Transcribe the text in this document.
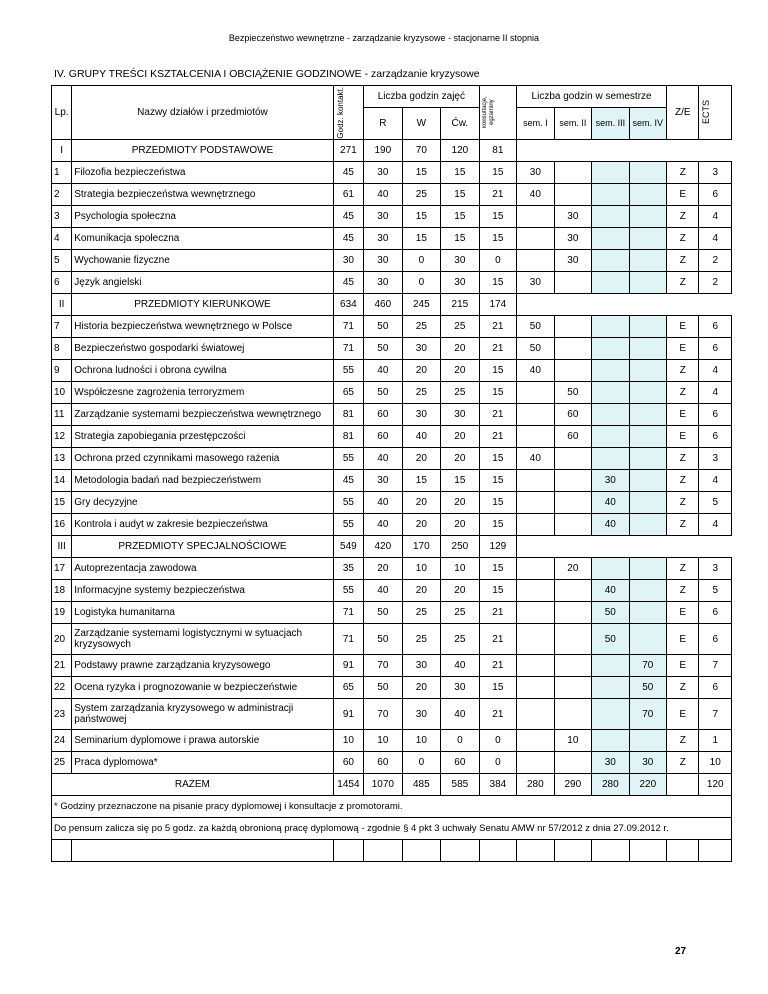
Bezpieczeństwo wewnętrzne - zarządzanie kryzysowe - stacjonarne II stopnia
IV. GRUPY TREŚCI KSZTAŁCENIA I OBCIĄŻENIE GODZINOWE - zarządzanie kryzysowe
Lp.	Nazwy działów i przedmiotów	Godz. kontakt.	Liczba godzin zajęć			konsultacje, egzaminy	Liczba godzin w semestrze				Z/E	ECTS

			R	W	Ćw.		sem. I	sem. II	sem. III	sem. IV		
I	PRZEDMIOTY PODSTAWOWE	271	190	70	120	81						
1	Filozofia bezpieczeństwa	45	30	15	15	15	30				Z	3
2	Strategia bezpieczeństwa wewnętrznego	61	40	25	15	21	40				E	6
3	Psychologia społeczna	45	30	15	15	15		30			Z	4
4	Komunikacja społeczna	45	30	15	15	15		30			Z	4
5	Wychowanie fizyczne	30	30	0	30	0		30			Z	2
6	Język angielski	45	30	0	30	15	30				Z	2
II	PRZEDMIOTY KIERUNKOWE	634	460	245	215	174						
7	Historia bezpieczeństwa wewnętrznego w Polsce	71	50	25	25	21	50				E	6
8	Bezpieczeństwo gospodarki światowej	71	50	30	20	21	50				E	6
9	Ochrona ludności i obrona cywilna	55	40	20	20	15	40				Z	4
10	Współczesne zagrożenia terroryzmem	65	50	25	25	15		50			Z	4
11	Zarządzanie systemami bezpieczeństwa wewnętrznego	81	60	30	30	21		60			E	6
12	Strategia zapobiegania przestępczości	81	60	40	20	21		60			E	6
13	Ochrona przed czynnikami masowego rażenia	55	40	20	20	15	40				Z	3
14	Metodologia badań nad bezpieczeństwem	45	30	15	15	15			30		Z	4
15	Gry decyzyjne	55	40	20	20	15			40		Z	5
16	Kontrola i audyt w zakresie bezpieczeństwa	55	40	20	20	15			40		Z	4
III	PRZEDMIOTY SPECJALNOŚCIOWE	549	420	170	250	129						
17	Autoprezentacja zawodowa	35	20	10	10	15		20			Z	3
18	Informacyjne systemy bezpieczeństwa	55	40	20	20	15			40		Z	5
19	Logistyka humanitarna	71	50	25	25	21			50		E	6
20	Zarządzanie systemami logistycznymi w sytuacjach kryzysowych	71	50	25	25	21			50		E	6
21	Podstawy prawne zarządzania kryzysowego	91	70	30	40	21				70	E	7
22	Ocena ryzyka i prognozowanie w bezpieczeństwie	65	50	20	30	15				50	Z	6
23	System zarządzania kryzysowego w administracji państwowej	91	70	30	40	21				70	E	7
24	Seminarium dyplomowe i prawa autorskie	10	10	10	0	0		10			Z	1
25	Praca dyplomowa*	60	60	0	60	0			30	30	Z	10
RAZEM		1454	1070	485	585	384	280	290	280	220		120
* Godziny przeznaczone na pisanie pracy dyplomowej i konsultacje z promotorami.												
Do pensum zalicza się po 5 godz. za każdą obronioną pracę dyplomową - zgodnie § 4 pkt 3 uchwały Senatu AMW nr 57/2012 z dnia 27.09.2012 r.												

27
